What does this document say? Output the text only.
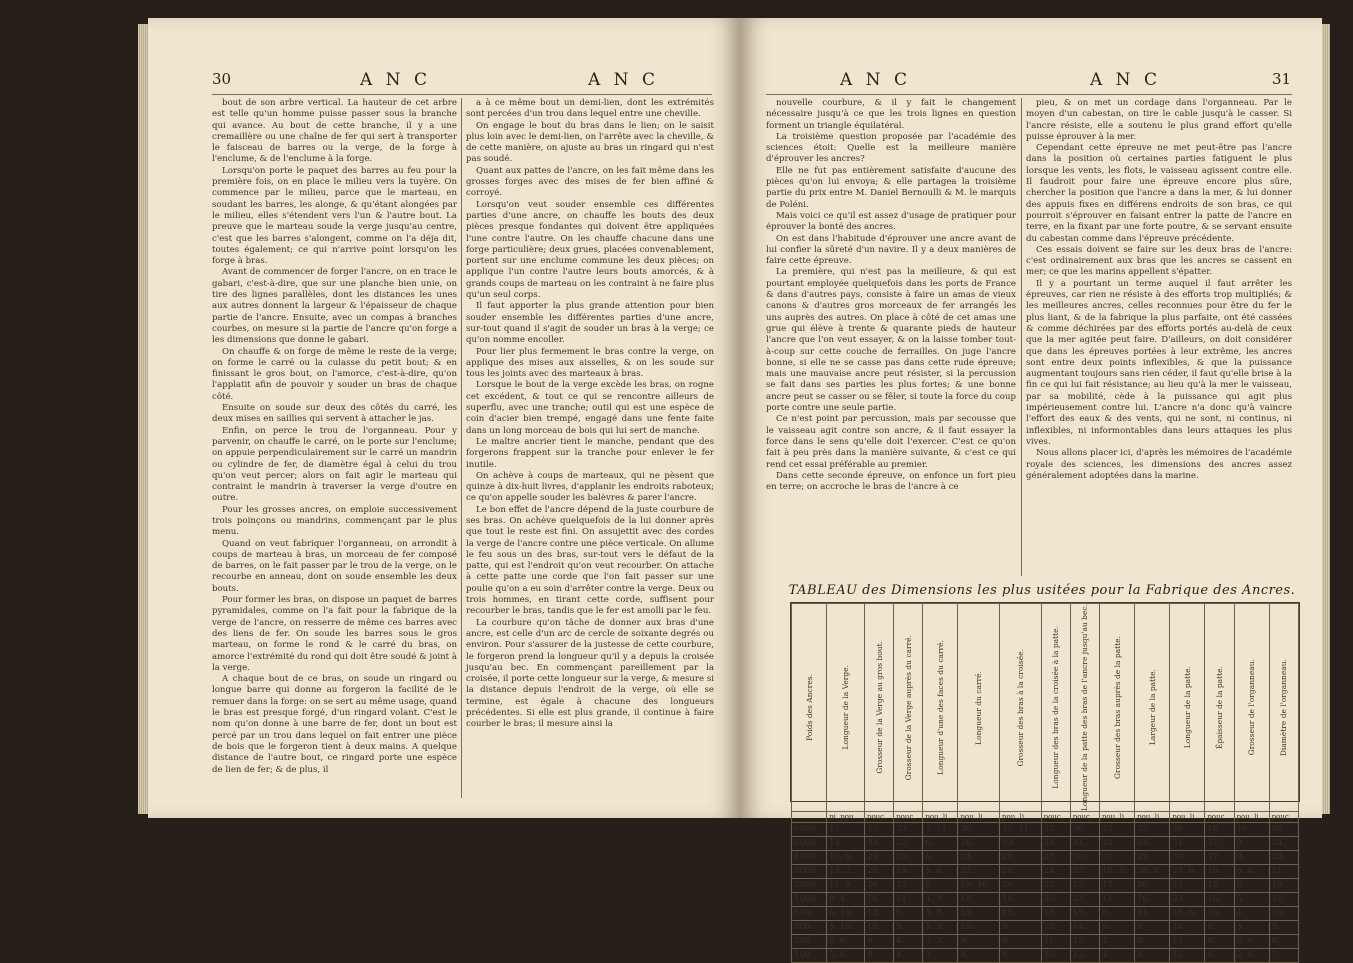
30	A N C	A N C

bout de son arbre vertical. La hauteur de cet arbre est telle qu'un homme puisse passer sous la branche qui avance. Au bout de cette branche, il y a une cremaillère ou une chaîne de fer qui sert à transporter le faisceau de barres ou la verge, de la forge à l'enclume, & de l'enclume à la forge.

Lorsqu'on porte le paquet des barres au feu pour la première fois, on en place le milieu vers la tuyère. On commence par le milieu, parce que le marteau, en soudant les barres, les alonge, & qu'étant alongées par le milieu, elles s'étendent vers l'un & l'autre bout. La preuve que le marteau soude la verge jusqu'au centre, c'est que les barres s'alongent, comme on l'a déja dit, toutes également; ce qui n'arrive point lorsqu'on les forge à bras.

Avant de commencer de forger l'ancre, on en trace le gabari, c'est-à-dire, que sur une planche bien unie, on tire des lignes parallèles, dont les distances les unes aux autres donnent la largeur & l'épaisseur de chaque partie de l'ancre. Ensuite, avec un compas à branches courbes, on mesure si la partie de l'ancre qu'on forge a les dimensions que donne le gabari.

On chauffe & on forge de même le reste de la verge; on forme le carré ou la culasse du petit bout; & en finissant le gros bout, on l'amorce, c'est-à-dire, qu'on l'applatit afin de pouvoir y souder un bras de chaque côté.

Ensuite on soude sur deux des côtés du carré, les deux mises en saillies qui servent à attacher le jas.

Enfin, on perce le trou de l'organneau. Pour y parvenir, on chauffe le carré, on le porte sur l'enclume; on appuie perpendiculairement sur le carré un mandrin ou cylindre de fer, de diamètre égal à celui du trou qu'on veut percer; alors on fait agir le marteau qui contraint le mandrin à traverser la verge d'outre en outre.

Pour les grosses ancres, on emploie successivement trois poinçons ou mandrins, commençant par le plus menu.

Quand on veut fabriquer l'organneau, on arrondit à coups de marteau à bras, un morceau de fer composé de barres, on le fait passer par le trou de la verge, on le recourbe en anneau, dont on soude ensemble les deux bouts.

Pour former les bras, on dispose un paquet de barres pyramidales, comme on l'a fait pour la fabrique de la verge de l'ancre, on resserre de même ces barres avec des liens de fer. On soude les barres sous le gros marteau, on forme le rond & le carré du bras, on amorce l'extrémité du rond qui doit être soudé & joint à la verge.

A chaque bout de ce bras, on soude un ringard ou longue barre qui donne au forgeron la facilité de le remuer dans la forge: on se sert au même usage, quand le bras est presque forgé, d'un ringard volant. C'est le nom qu'on donne à une barre de fer, dont un bout est percé par un trou dans lequel on fait entrer une pièce de bois que le forgeron tient à deux mains. A quelque distance de l'autre bout, ce ringard porte une espèce de lien de fer; & de plus, il

a à ce même bout un demi-lien, dont les extrémités sont percées d'un trou dans lequel entre une cheville.

On engage le bout du bras dans le lien; on le saisit plus loin avec le demi-lien, on l'arrête avec la cheville, & de cette manière, on ajuste au bras un ringard qui n'est pas soudé.

Quant aux pattes de l'ancre, on les fait même dans les grosses forges avec des mises de fer bien affiné & corroyé.

Lorsqu'on veut souder ensemble ces différentes parties d'une ancre, on chauffe les bouts des deux pièces presque fondantes qui doivent être appliquées l'une contre l'autre. On les chauffe chacune dans une forge particulière; deux grues, placées convenablement, portent sur une enclume commune les deux pièces; on applique l'un contre l'autre leurs bouts amorcés, & à grands coups de marteau on les contraint à ne faire plus qu'un seul corps.

Il faut apporter la plus grande attention pour bien souder ensemble les différentes parties d'une ancre, sur-tout quand il s'agit de souder un bras à la verge; ce qu'on nomme encoller.

Pour lier plus fermement le bras contre la verge, on applique des mises aux aisselles, & on les soude sur tous les joints avec des marteaux à bras.

Lorsque le bout de la verge excède les bras, on rogne cet excédent, & tout ce qui se rencontre ailleurs de superflu, avec une tranche; outil qui est une espèce de coin d'acier bien trempé, engagé dans une fente faite dans un long morceau de bois qui lui sert de manche.

Le maître ancrier tient le manche, pendant que des forgerons frappent sur la tranche pour enlever le fer inutile.

On achève à coups de marteaux, qui ne pèsent que quinze à dix-huit livres, d'applanir les endroits raboteux; ce qu'on appelle souder les balèvres & parer l'ancre.

Le bon effet de l'ancre dépend de la juste courbure de ses bras. On achève quelquefois de la lui donner après que tout le reste est fini. On assujettit avec des cordes la verge de l'ancre contre une pièce verticale. On allume le feu sous un des bras, sur-tout vers le défaut de la patte, qui est l'endroit qu'on veut recourber. On attache à cette patte une corde que l'on fait passer sur une poulie qu'on a eu soin d'arrêter contre la verge. Deux ou trois hommes, en tirant cette corde, suffisent pour recourber le bras, tandis que le fer est amolli par le feu.

La courbure qu'on tâche de donner aux bras d'une ancre, est celle d'un arc de cercle de soixante degrés ou environ. Pour s'assurer de la justesse de cette courbure, le forgeron prend la longueur qu'il y a depuis la croisée jusqu'au bec. En commençant pareillement par la croisée, il porte cette longueur sur la verge, & mesure si la distance depuis l'endroit de la verge, où elle se termine, est égale à chacune des longueurs précédentes. Si elle est plus grande, il continue à faire courber le bras; il mesure ainsi la

A N C	A N C	31

nouvelle courbure, & il y fait le changement nécessaire jusqu'à ce que les trois lignes en question forment un triangle équilatéral.

La troisième question proposée par l'académie des sciences étoit: Quelle est la meilleure manière d'éprouver les ancres?

Elle ne fut pas entièrement satisfaite d'aucune des pièces qu'on lui envoya; & elle partagea la troisième partie du prix entre M. Daniel Bernoulli & M. le marquis de Poléni.

Mais voici ce qu'il est assez d'usage de pratiquer pour éprouver la bonté des ancres.

On est dans l'habitude d'éprouver une ancre avant de lui confier la sûreté d'un navire. Il y a deux manières de faire cette épreuve.

La première, qui n'est pas la meilleure, & qui est pourtant employée quelquefois dans les ports de France & dans d'autres pays, consiste à faire un amas de vieux canons & d'autres gros morceaux de fer arrangés les uns auprès des autres. On place à côté de cet amas une grue qui élève à trente & quarante pieds de hauteur l'ancre que l'on veut essayer, & on la laisse tomber tout-à-coup sur cette couche de ferrailles. On juge l'ancre bonne, si elle ne se casse pas dans cette rude épreuve; mais une mauvaise ancre peut résister, si la percussion se fait dans ses parties les plus fortes; & une bonne ancre peut se casser ou se fêler, si toute la force du coup porte contre une seule partie.

Ce n'est point par percussion, mais par secousse que le vaisseau agit contre son ancre, & il faut essayer la force dans le sens qu'elle doit l'exercer. C'est ce qu'on fait à peu près dans la manière suivante, & c'est ce qui rend cet essai préférable au premier.

Dans cette seconde épreuve, on enfonce un fort pieu en terre; on accroche le bras de l'ancre à ce

pieu, & on met un cordage dans l'organneau. Par le moyen d'un cabestan, on tire le cable jusqu'à le casser. Si l'ancre résiste, elle a soutenu le plus grand effort qu'elle puisse éprouver à la mer.

Cependant cette épreuve ne met peut-être pas l'ancre dans la position où certaines parties fatiguent le plus lorsque les vents, les flots, le vaisseau agissent contre elle. Il faudroit pour faire une épreuve encore plus sûre, chercher la position que l'ancre a dans la mer, & lui donner des appuis fixes en différens endroits de son bras, ce qui pourroit s'éprouver en faisant entrer la patte de l'ancre en terre, en la fixant par une forte poutre, & se servant ensuite du cabestan comme dans l'épreuve précédente.

Ces essais doivent se faire sur les deux bras de l'ancre: c'est ordinairement aux bras que les ancres se cassent en mer; ce que les marins appellent s'épatter.

Il y a pourtant un terme auquel il faut arrêter les épreuves, car rien ne résiste à des efforts trop multipliés; & les meilleures ancres, celles reconnues pour être du fer le plus liant, & de la fabrique la plus parfaite, ont été cassées & comme déchirées par des efforts portés au-delà de ceux que la mer agitée peut faire. D'ailleurs, on doit considérer que dans les épreuves portées à leur extrême, les ancres sont entre deux points inflexibles, & que la puissance augmentant toujours sans rien céder, il faut qu'elle brise à la fin ce qui lui fait résistance; au lieu qu'à la mer le vaisseau, par sa mobilité, cède à la puissance qui agit plus impérieusement contre lui. L'ancre n'a donc qu'à vaincre l'effort des eaux & des vents, qui ne sont, ni continus, ni inflexibles, ni informontables dans leurs attaques les plus vives.

Nous allons placer ici, d'après les mémoires de l'académie royale des sciences, les dimensions des ancres assez généralement adoptées dans la marine.

TABLEAU des Dimensions les plus usitées pour la Fabrique des Ancres.
Poids des Ancres.	Longueur de la Verge.	Grosseur de la Verge au gros bout.	Grosseur de la Verge auprès du carré.	Longueur d'une des faces du carré.	Longueur du carré.	Grosseur des bras à la croisée.	Longueur des bras de la croisée à la patte.	Longueur de la patte des bras de l'ancre jusqu'au bec.	Grosseur des bras auprès de la patte.	Largeur de la patte.	Longueur de la patte.	Épaisseur de la patte.	Grosseur de l'organneau.	Diamètre de l'organneau.

	pi. pou.	pouc.	pouc.	pou. li.	pou. li.	pou. li.	pouc.	pouc.	pou. li.	pou. li.	pou. li.	pouc.	pou. li.	pouc.
6000.	15.	35.	23.	7. 11.	30.	35. 11.	32.	36.	23.	35.	36.	18.	10.	30.
5000.	14.	33.	22.	6.	26.	33.	28.	31.	22.	33.	31.	17.	9.	24.
4000.	13. 6.	29.	20.	6.	24.	29.	27.	30.	20.	29.	30.	17.	9.	23.
3000.	13. 2.	28.	18.	5. 6.	22.	28.	24.	27.	18. 2.	28. 1.	27. 6.	16.	8. 6.	21.
2000.	11. 9.	26.	17.	5.	19. 10.	26.	22.	25.	17.	26.	25.	15.	8.	19.
1000.	9. 4.	16.	11.	4. 9.	18.	16.	20.	23.	11.	16.	23.	15.	5.	12.
500.	6. 10.	12.	6.	3. 8.	13.	11.	15.	15.	6.	11.	15. 6.	10.	4.	10.
300.	5. 10.	10.	5.	3. 3.	10.	9.	12.	14.	5.	9.	14.	8.	3.	9.
200.	5. 6.	9.	4.	3. 3.	9.	8.	11.	13.	4.	8.	13.	8.	2. 6.	8.
100.	5. 6.	8.	4.	3.	8.	8.	10.	12.	4.	8.	12.	8.	2. 6.	7.
